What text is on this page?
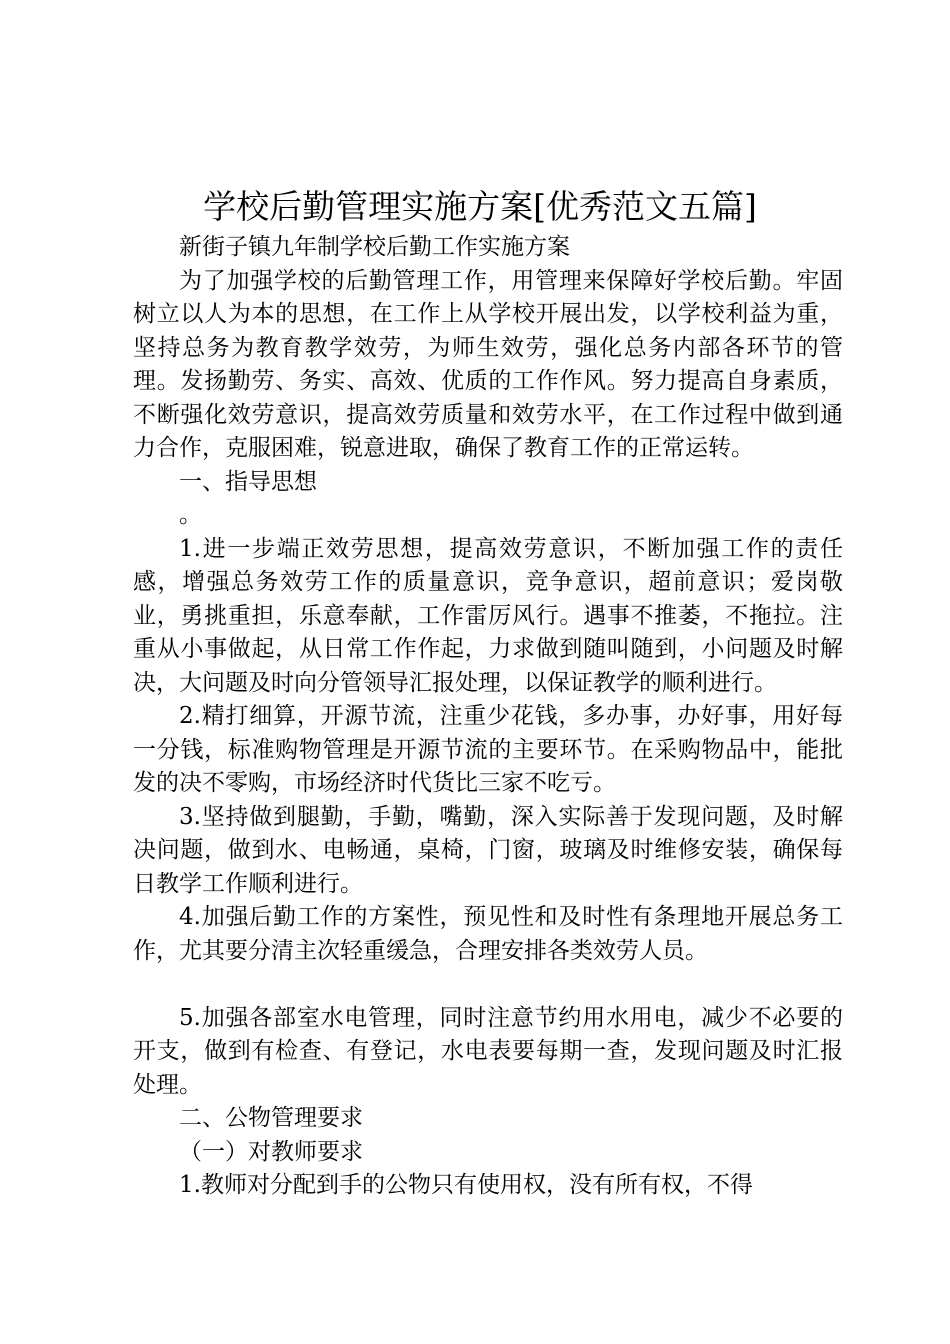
学校后勤管理实施方案[优秀范文五篇]

新街子镇九年制学校后勤工作实施方案

为了加强学校的后勤管理工作，用管理来保障好学校后勤。牢固树立以人为本的思想，在工作上从学校开展出发，以学校利益为重，坚持总务为教育教学效劳，为师生效劳，强化总务内部各环节的管理。发扬勤劳、务实、高效、优质的工作作风。努力提高自身素质，不断强化效劳意识，提高效劳质量和效劳水平，在工作过程中做到通力合作，克服困难，锐意进取，确保了教育工作的正常运转。

一、指导思想

。

1.进一步端正效劳思想，提高效劳意识，不断加强工作的责任感，增强总务效劳工作的质量意识，竞争意识，超前意识；爱岗敬业，勇挑重担，乐意奉献，工作雷厉风行。遇事不推萎，不拖拉。注重从小事做起，从日常工作作起，力求做到随叫随到，小问题及时解决，大问题及时向分管领导汇报处理，以保证教学的顺利进行。

2.精打细算，开源节流，注重少花钱，多办事，办好事，用好每一分钱，标准购物管理是开源节流的主要环节。在采购物品中，能批发的决不零购，市场经济时代货比三家不吃亏。

3.坚持做到腿勤，手勤，嘴勤，深入实际善于发现问题，及时解决问题，做到水、电畅通，桌椅，门窗，玻璃及时维修安装，确保每日教学工作顺利进行。

4.加强后勤工作的方案性，预见性和及时性有条理地开展总务工作，尤其要分清主次轻重缓急，合理安排各类效劳人员。

5.加强各部室水电管理，同时注意节约用水用电，减少不必要的开支，做到有检查、有登记，水电表要每期一查，发现问题及时汇报处理。

二、公物管理要求

（一）对教师要求

1.教师对分配到手的公物只有使用权，没有所有权，不得
